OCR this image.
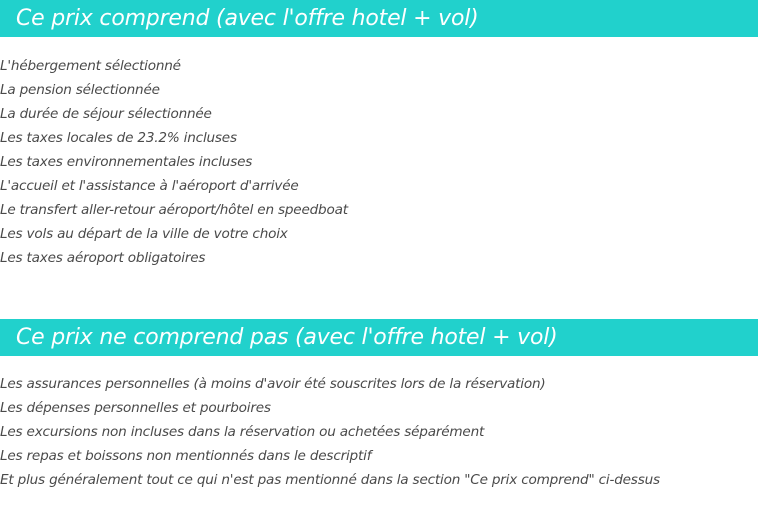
Ce prix comprend (avec l'offre hotel + vol)
L'hébergement sélectionné
La pension sélectionnée
La durée de séjour sélectionnée
Les taxes locales de 23.2% incluses
Les taxes environnementales incluses
L'accueil et l'assistance à l'aéroport d'arrivée
Le transfert aller-retour aéroport/hôtel en speedboat
Les vols au départ de la ville de votre choix
Les taxes aéroport obligatoires
Ce prix ne comprend pas (avec l'offre hotel + vol)
Les assurances personnelles (à moins d'avoir été souscrites lors de la réservation)
Les dépenses personnelles et pourboires
Les excursions non incluses dans la réservation ou achetées séparément
Les repas et boissons non mentionnés dans le descriptif
Et plus généralement tout ce qui n'est pas mentionné dans la section "Ce prix comprend" ci-dessus
